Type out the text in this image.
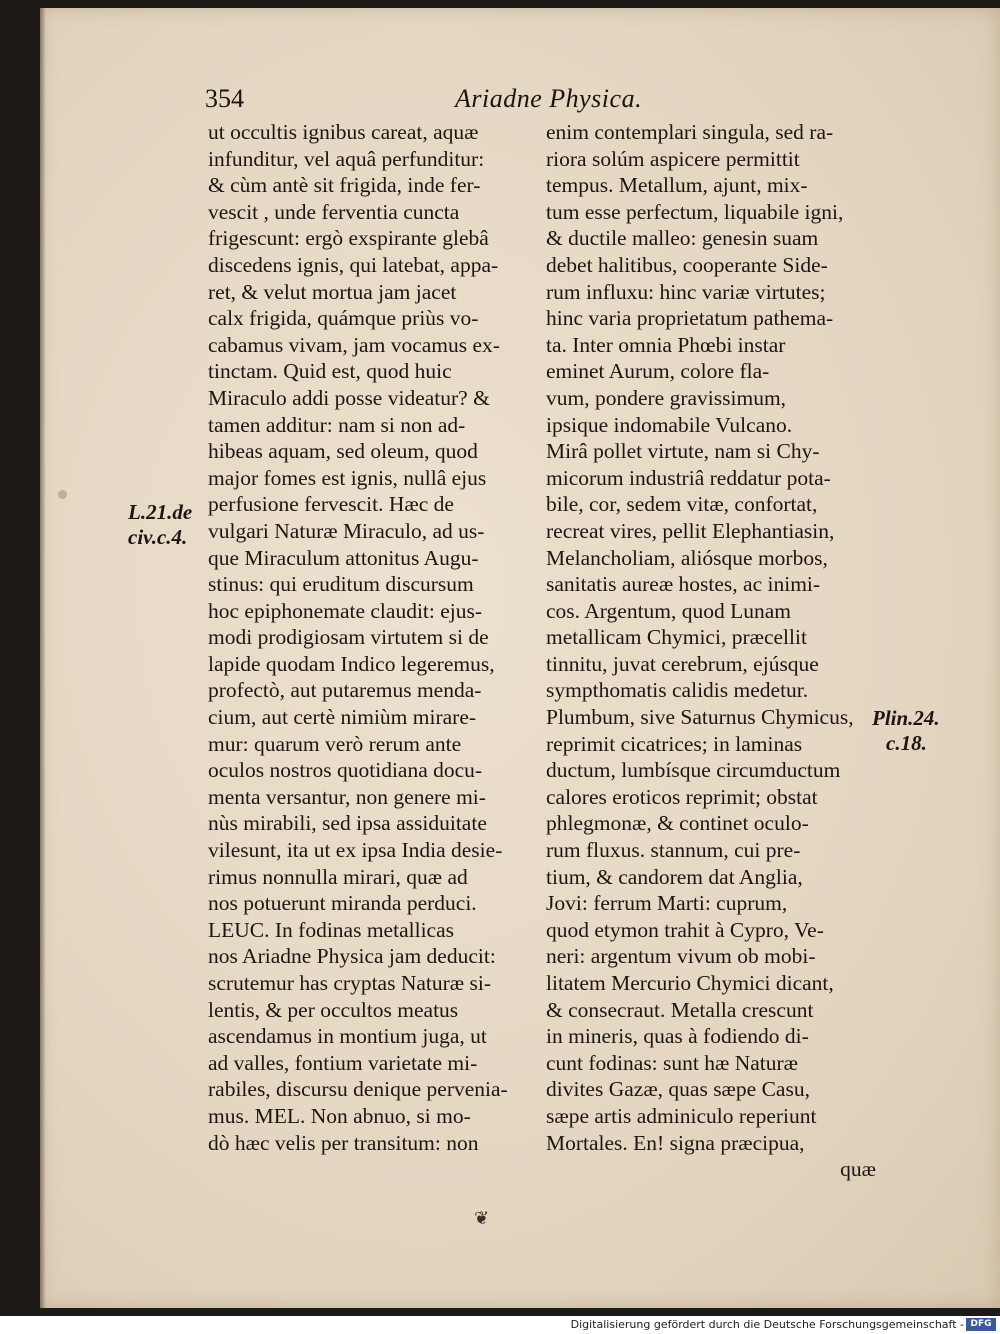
354	Ariadne Physica.
ut occultis ignibus careat, aquæ
infunditur, vel aquâ perfunditur:
& cùm antè sit frigida, inde fer-
vescit , unde ferventia cuncta
frigescunt: ergò exspirante glebâ
discedens ignis, qui latebat, appa-
ret, & velut mortua jam jacet
calx frigida, quámque priùs vo-
cabamus vivam, jam vocamus ex-
tinctam. Quid est, quod huic
Miraculo addi posse videatur? &
tamen additur: nam si non ad-
hibeas aquam, sed oleum, quod
major fomes est ignis, nullâ ejus
perfusione fervescit. Hæc de
vulgari Naturæ Miraculo, ad us-
que Miraculum attonitus Augu-
stinus: qui eruditum discursum
hoc epiphonemate claudit: ejus-
modi prodigiosam virtutem si de
lapide quodam Indico legeremus,
profectò, aut putaremus menda-
cium, aut certè nimiùm mirare-
mur: quarum verò rerum ante
oculos nostros quotidiana docu-
menta versantur, non genere mi-
nùs mirabili, sed ipsa assiduitate
vilesunt, ita ut ex ipsa India desie-
rimus nonnulla mirari, quæ ad
nos potuerunt miranda perduci.
LEUC. In fodinas metallicas
nos Ariadne Physica jam deducit:
scrutemur has cryptas Naturæ si-
lentis, & per occultos meatus
ascendamus in montium juga, ut
ad valles, fontium varietate mi-
rabiles, discursu denique pervenia-
mus. MEL. Non abnuo, si mo-
dò hæc velis per transitum: non
enim contemplari singula, sed ra-
riora solúm aspicere permittit
tempus. Metallum, ajunt, mix-
tum esse perfectum, liquabile igni,
& ductile malleo: genesin suam
debet halitibus, cooperante Side-
rum influxu: hinc variæ virtutes;
hinc varia proprietatum pathema-
ta. Inter omnia Phœbi instar
eminet Aurum, colore fla-
vum, pondere gravissimum,
ipsique indomabile Vulcano.
Mirâ pollet virtute, nam si Chy-
micorum industriâ reddatur pota-
bile, cor, sedem vitæ, confortat,
recreat vires, pellit Elephantiasin,
Melancholiam, aliósque morbos,
sanitatis aureæ hostes, ac inimi-
cos. Argentum, quod Lunam
metallicam Chymici, præcellit
tinnitu, juvat cerebrum, ejúsque
sympthomatis calidis medetur.
Plumbum, sive Saturnus Chymicus,
reprimit cicatrices; in laminas
ductum, lumbísque circumductum
calores eroticos reprimit; obstat
phlegmonæ, & continet oculo-
rum fluxus. stannum, cui pre-
tium, & candorem dat Anglia,
Jovi: ferrum Marti: cuprum,
quod etymon trahit à Cypro, Ve-
neri: argentum vivum ob mobi-
litatem Mercurio Chymici dicant,
& consecraut. Metalla crescunt
in mineris, quas à fodiendo di-
cunt fodinas: sunt hæ Naturæ
divites Gazæ, quas sæpe Casu,
sæpe artis adminiculo reperiunt
Mortales. En! signa præcipua,
quæ
L.21.de
civ.c.4.
Plin.24.
c.18.
❦
Digitalisierung gefördert durch die Deutsche Forschungsgemeinschaft - DFG
